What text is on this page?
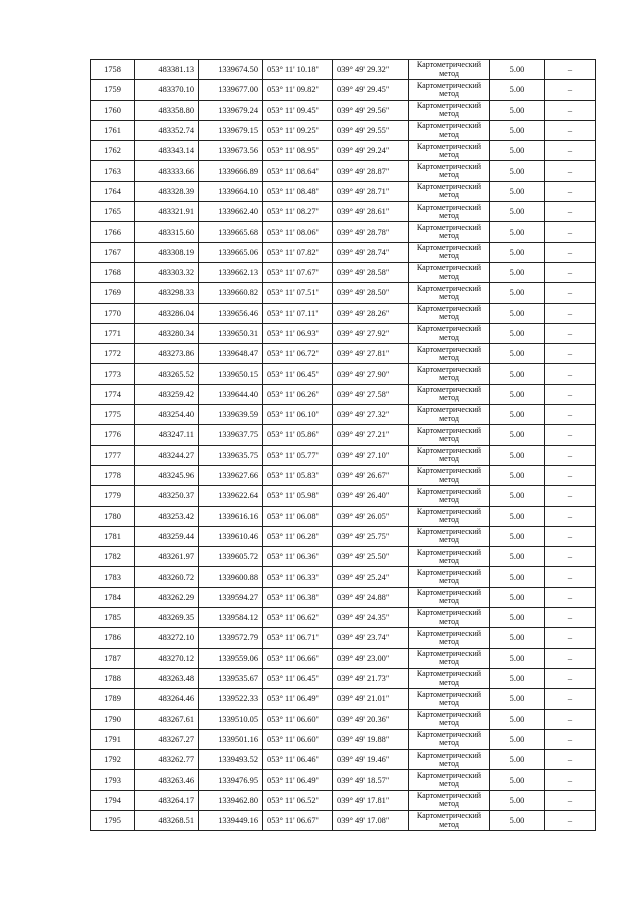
1758	483381.13	1339674.50	053° 11' 10.18"	039° 49' 29.32"	Картометрический метод	5.00	–
1759	483370.10	1339677.00	053° 11' 09.82"	039° 49' 29.45"	Картометрический метод	5.00	–
1760	483358.80	1339679.24	053° 11' 09.45"	039° 49' 29.56"	Картометрический метод	5.00	–
1761	483352.74	1339679.15	053° 11' 09.25"	039° 49' 29.55"	Картометрический метод	5.00	–
1762	483343.14	1339673.56	053° 11' 08.95"	039° 49' 29.24"	Картометрический метод	5.00	–
1763	483333.66	1339666.89	053° 11' 08.64"	039° 49' 28.87"	Картометрический метод	5.00	–
1764	483328.39	1339664.10	053° 11' 08.48"	039° 49' 28.71"	Картометрический метод	5.00	–
1765	483321.91	1339662.40	053° 11' 08.27"	039° 49' 28.61"	Картометрический метод	5.00	–
1766	483315.60	1339665.68	053° 11' 08.06"	039° 49' 28.78"	Картометрический метод	5.00	–
1767	483308.19	1339665.06	053° 11' 07.82"	039° 49' 28.74"	Картометрический метод	5.00	–
1768	483303.32	1339662.13	053° 11' 07.67"	039° 49' 28.58"	Картометрический метод	5.00	–
1769	483298.33	1339660.82	053° 11' 07.51"	039° 49' 28.50"	Картометрический метод	5.00	–
1770	483286.04	1339656.46	053° 11' 07.11"	039° 49' 28.26"	Картометрический метод	5.00	–
1771	483280.34	1339650.31	053° 11' 06.93"	039° 49' 27.92"	Картометрический метод	5.00	–
1772	483273.86	1339648.47	053° 11' 06.72"	039° 49' 27.81"	Картометрический метод	5.00	–
1773	483265.52	1339650.15	053° 11' 06.45"	039° 49' 27.90"	Картометрический метод	5.00	–
1774	483259.42	1339644.40	053° 11' 06.26"	039° 49' 27.58"	Картометрический метод	5.00	–
1775	483254.40	1339639.59	053° 11' 06.10"	039° 49' 27.32"	Картометрический метод	5.00	–
1776	483247.11	1339637.75	053° 11' 05.86"	039° 49' 27.21"	Картометрический метод	5.00	–
1777	483244.27	1339635.75	053° 11' 05.77"	039° 49' 27.10"	Картометрический метод	5.00	–
1778	483245.96	1339627.66	053° 11' 05.83"	039° 49' 26.67"	Картометрический метод	5.00	–
1779	483250.37	1339622.64	053° 11' 05.98"	039° 49' 26.40"	Картометрический метод	5.00	–
1780	483253.42	1339616.16	053° 11' 06.08"	039° 49' 26.05"	Картометрический метод	5.00	–
1781	483259.44	1339610.46	053° 11' 06.28"	039° 49' 25.75"	Картометрический метод	5.00	–
1782	483261.97	1339605.72	053° 11' 06.36"	039° 49' 25.50"	Картометрический метод	5.00	–
1783	483260.72	1339600.88	053° 11' 06.33"	039° 49' 25.24"	Картометрический метод	5.00	–
1784	483262.29	1339594.27	053° 11' 06.38"	039° 49' 24.88"	Картометрический метод	5.00	–
1785	483269.35	1339584.12	053° 11' 06.62"	039° 49' 24.35"	Картометрический метод	5.00	–
1786	483272.10	1339572.79	053° 11' 06.71"	039° 49' 23.74"	Картометрический метод	5.00	–
1787	483270.12	1339559.06	053° 11' 06.66"	039° 49' 23.00"	Картометрический метод	5.00	–
1788	483263.48	1339535.67	053° 11' 06.45"	039° 49' 21.73"	Картометрический метод	5.00	–
1789	483264.46	1339522.33	053° 11' 06.49"	039° 49' 21.01"	Картометрический метод	5.00	–
1790	483267.61	1339510.05	053° 11' 06.60"	039° 49' 20.36"	Картометрический метод	5.00	–
1791	483267.27	1339501.16	053° 11' 06.60"	039° 49' 19.88"	Картометрический метод	5.00	–
1792	483262.77	1339493.52	053° 11' 06.46"	039° 49' 19.46"	Картометрический метод	5.00	–
1793	483263.46	1339476.95	053° 11' 06.49"	039° 49' 18.57"	Картометрический метод	5.00	–
1794	483264.17	1339462.80	053° 11' 06.52"	039° 49' 17.81"	Картометрический метод	5.00	–
1795	483268.51	1339449.16	053° 11' 06.67"	039° 49' 17.08"	Картометрический метод	5.00	–
